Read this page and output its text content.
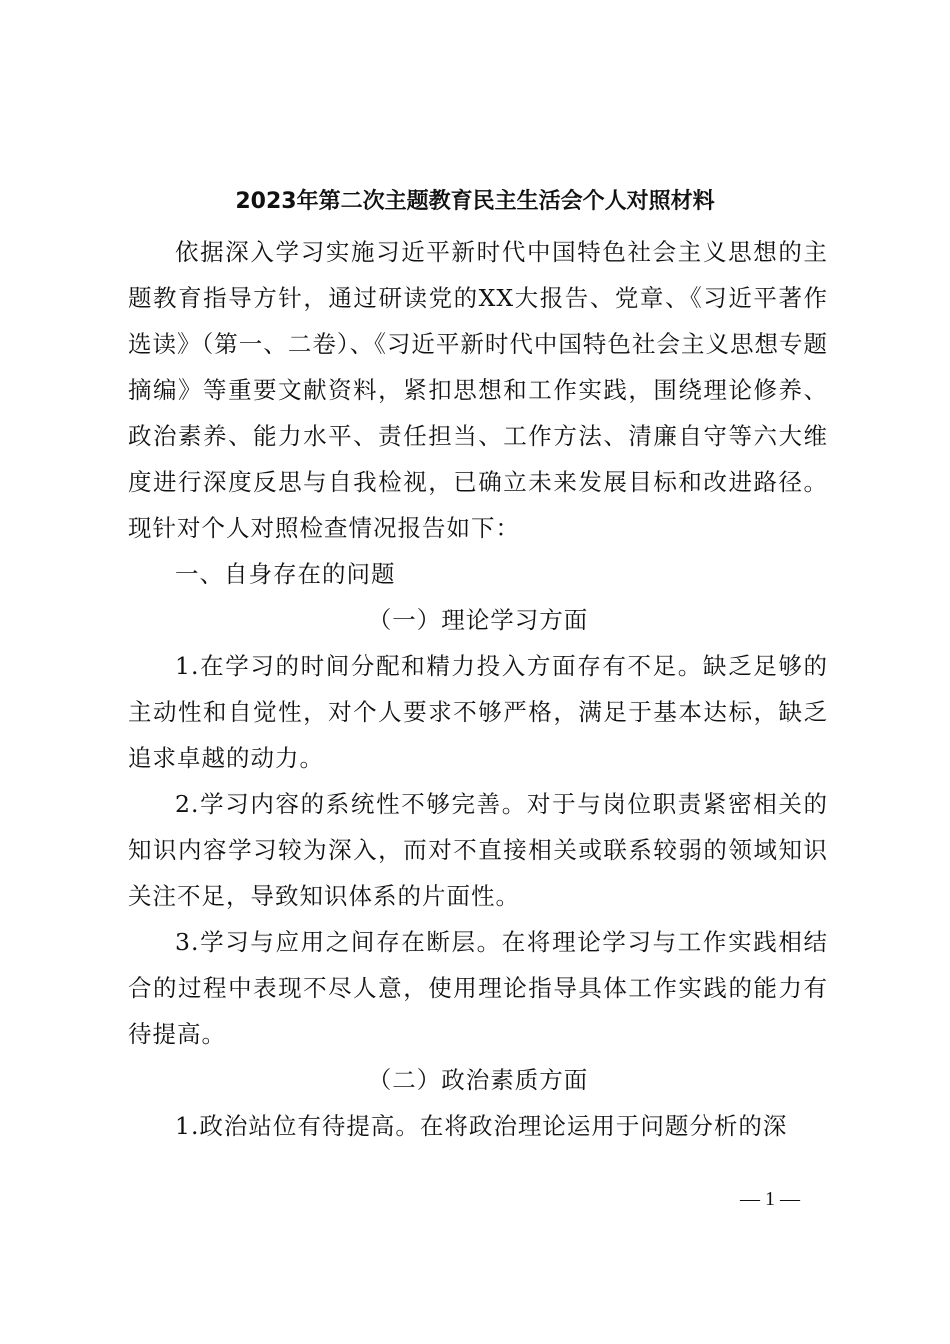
2023年第二次主题教育民主生活会个人对照材料

依据深入学习实施习近平新时代中国特色社会主义思想的主题教育指导方针，通过研读党的XX大报告、党章、《习近平著作选读》（第一、二卷）、《习近平新时代中国特色社会主义思想专题摘编》等重要文献资料，紧扣思想和工作实践，围绕理论修养、政治素养、能力水平、责任担当、工作方法、清廉自守等六大维度进行深度反思与自我检视，已确立未来发展目标和改进路径。现针对个人对照检查情况报告如下：

一、自身存在的问题

（一）理论学习方面

1.在学习的时间分配和精力投入方面存有不足。缺乏足够的主动性和自觉性，对个人要求不够严格，满足于基本达标，缺乏追求卓越的动力。

2.学习内容的系统性不够完善。对于与岗位职责紧密相关的知识内容学习较为深入，而对不直接相关或联系较弱的领域知识关注不足，导致知识体系的片面性。

3.学习与应用之间存在断层。在将理论学习与工作实践相结合的过程中表现不尽人意，使用理论指导具体工作实践的能力有待提高。

（二）政治素质方面

1.政治站位有待提高。在将政治理论运用于问题分析的深

— 1 —
